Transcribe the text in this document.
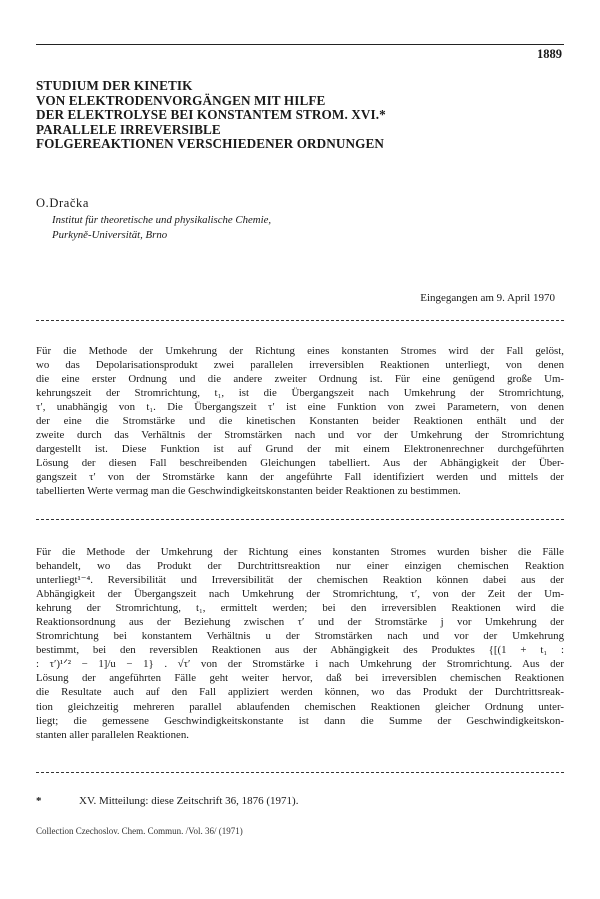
1889
STUDIUM DER KINETIK
VON ELEKTRODENVORGÄNGEN MIT HILFE
DER ELEKTROLYSE BEI KONSTANTEM STROM. XVI.*
PARALLELE IRREVERSIBLE
FOLGEREAKTIONEN VERSCHIEDENER ORDNUNGEN
O.Dračka
Institut für theoretische und physikalische Chemie,
Purkyně-Universität, Brno
Eingegangen am 9. April 1970
Für die Methode der Umkehrung der Richtung eines konstanten Stromes wird der Fall gelöst,
wo das Depolarisationsprodukt zwei parallelen irreversiblen Reaktionen unterliegt, von denen
die eine erster Ordnung und die andere zweiter Ordnung ist. Für eine genügend große Um-
kehrungszeit der Stromrichtung, t₁, ist die Übergangszeit nach Umkehrung der Stromrichtung,
τ′, unabhängig von t₁. Die Übergangszeit τ′ ist eine Funktion von zwei Parametern, von denen
der eine die Stromstärke und die kinetischen Konstanten beider Reaktionen enthält und der
zweite durch das Verhältnis der Stromstärken nach und vor der Umkehrung der Stromrichtung
dargestellt ist. Diese Funktion ist auf Grund der mit einem Elektronenrechner durchgeführten
Lösung der diesen Fall beschreibenden Gleichungen tabelliert. Aus der Abhängigkeit der Über-
gangszeit τ′ von der Stromstärke kann der angeführte Fall identifiziert werden und mittels der
tabellierten Werte vermag man die Geschwindigkeitskonstanten beider Reaktionen zu bestimmen.
Für die Methode der Umkehrung der Richtung eines konstanten Stromes wurden bisher die Fälle
behandelt, wo das Produkt der Durchtrittsreaktion nur einer einzigen chemischen Reaktion
unterliegt¹⁻⁴. Reversibilität und Irreversibilität der chemischen Reaktion können dabei aus der
Abhängigkeit der Übergangszeit nach Umkehrung der Stromrichtung, τ′, von der Zeit der Um-
kehrung der Stromrichtung, t₁, ermittelt werden; bei den irreversiblen Reaktionen wird die
Reaktionsordnung aus der Beziehung zwischen τ′ und der Stromstärke j vor Umkehrung der
Stromrichtung bei konstantem Verhältnis u der Stromstärken nach und vor der Umkehrung
bestimmt, bei den reversiblen Reaktionen aus der Abhängigkeit des Produktes {[(1 + t₁ :
: τ′)¹ᐟ² − 1]/u − 1} . √τ′ von der Stromstärke i nach Umkehrung der Stromrichtung. Aus der
Lösung der angeführten Fälle geht weiter hervor, daß bei irreversiblen chemischen Reaktionen
die Resultate auch auf den Fall appliziert werden können, wo das Produkt der Durchtrittsreak-
tion gleichzeitig mehreren parallel ablaufenden chemischen Reaktionen gleicher Ordnung unter-
liegt; die gemessene Geschwindigkeitskonstante ist dann die Summe der Geschwindigkeitskon-
stanten aller parallelen Reaktionen.
*	XV. Mitteilung: diese Zeitschrift 36, 1876 (1971).
Collection Czechoslov. Chem. Commun. /Vol. 36/ (1971)
